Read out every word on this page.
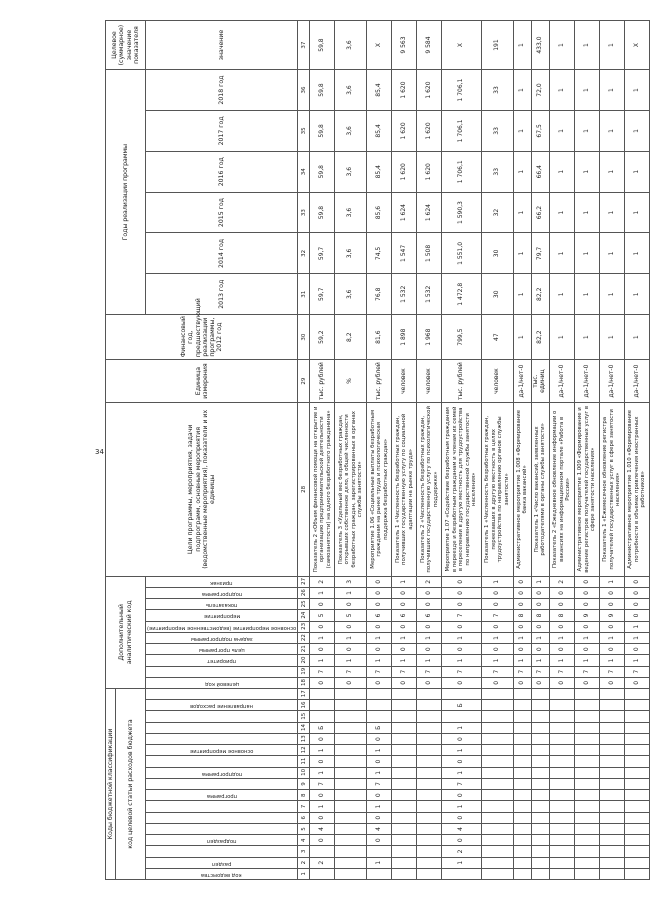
34
Коды бюджетной классификации																	Дополнительный аналитический код										Цели программы, мероприятия, задачи подпрограмм, основные мероприятия (ведомственные мероприятия), показатели и их единицы	Единица измерения	Финансовый год, предшествующий реализации программы, 2012 год	Годы реализации программы						Целевое (суммарное) значение показателя
код целевой статьи расходов бюджета																																				

код ведомства	раздел		подраздел				программа		подпрограмма		основное мероприятие				направление расходов		целевой код		приоритет	цель программы	задача подпрограммы	основное мероприятие (ведомственное мероприятие)	мероприятие	показатель	подпрограмма	признак				2013 год	2014 год	2015 год	2016 год	2017 год	2018 год	значение
1	2	3	4	5	6	7	8	9	10	11	12	13	14	15	16	17	18	19	20	21	22	23	24	25	26	27	28	29	30	31	32	33	34	35	36	37
	2		0	4	0	1	0	7	1	0	1	0	Б				0	7	1	0	1	0	5	0	1	2	Показатель 2 «Объем финансовой помощи на открытие и организацию предпринимательской деятельности (самозанятости) на одного безработного гражданина»	тыс. рублей	59,2	59,7	59,7	59,8	59,8	59,8	59,8	59,8
																	0	7	1	0	1	0	5	0	1	3	Показатель 3 «Удельный вес безработных граждан, открывших собственное дело, в общей численности безработных граждан, зарегистрированных в органах службы занятости»	%	8,2	3,6	3,6	3,6	3,6	3,6	3,6	3,6
	1		0	4	0	1	0	7	1	0	1	0	Б				0	7	1	0	1	0	6	0	0	0	Мероприятие 1.06 «Социальные выплаты безработным гражданам на рынке труда и психологическая поддержка безработных граждан»	тыс. рублей	81,6	76,8	74,5	85,6	85,4	85,4	85,4	X
																	0	7	1	0	1	0	6	0	0	1	Показатель 1 «Численность безработных граждан, получивших государственную услугу по социальной адаптации на рынке труда»	человек	1 898	1 532	1 547	1 624	1 620	1 620	1 620	9 563
																	0	7	1	0	1	0	6	0	0	2	Показатель 2 «Численность безработных граждан, получивших государственную услугу по психологической поддержке»	человек	1 968	1 532	1 508	1 624	1 620	1 620	1 620	9 584
	1	2	0	4	0	1	0	7	1	0	1	0	1		Б		0	7	1	0	1	0	7	0	0	0	Мероприятие 1.07 «Содействие безработным гражданам в переезде и безработным гражданам и членам их семей в переселении в другую местность для трудоустройства по направлению государственной службы занятости населения»	тыс. рублей	799,5	1 472,8	1 551,0	1 590,3	1 706,1	1 706,1	1 706,1	X
																	0	7	1	0	1	0	7	0	0	1	Показатель 1 «Численность безработных граждан, переехавших в другую местность в целях трудоустройства по направлению органов службы занятости»	человек	47	30	30	32	33	33	33	191
																	0	7	1	0	1	0	8	0	0	0	Административное мероприятие 1.008 «Формирование банка вакансий»	да-1/нет-0	1	1	1	1	1	1	1	1
																	0	7	1	0	1	0	8	0	0	1	Показатель 1 «Число вакансий, заявленных работодателями в органы службы занятости»	тыс. единиц	82,2	82,2	79,7	66,2	66,4	67,5	72,0	433,0
																	0	7	1	0	1	0	8	0	0	2	Показатель 2 «Ежедневное обновление информации о вакансиях на информационном портале «Работа в России»	да-1/нет-0	1	1	1	1	1	1	1	1
																	0	7	1	0	1	0	9	0	0	0	Административное мероприятие 1.009 «Формирование и ведение регистров получателей государственных услуг в сфере занятости населения»	да-1/нет-0	1	1	1	1	1	1	1	1
																	0	7	1	0	1	0	9	0	0	1	Показатель 1 «Ежемесячное обновление регистра получателей государственных услуг в сфере занятости населения»	да-1/нет-0	1	1	1	1	1	1	1	1
																	0	7	1	0	1	1	0	0	0	0	Административное мероприятие 1.010 «Формирование потребности в объемах привлечения иностранных работников»	да-1/нет-0	1	1	1	1	1	1	1	X
